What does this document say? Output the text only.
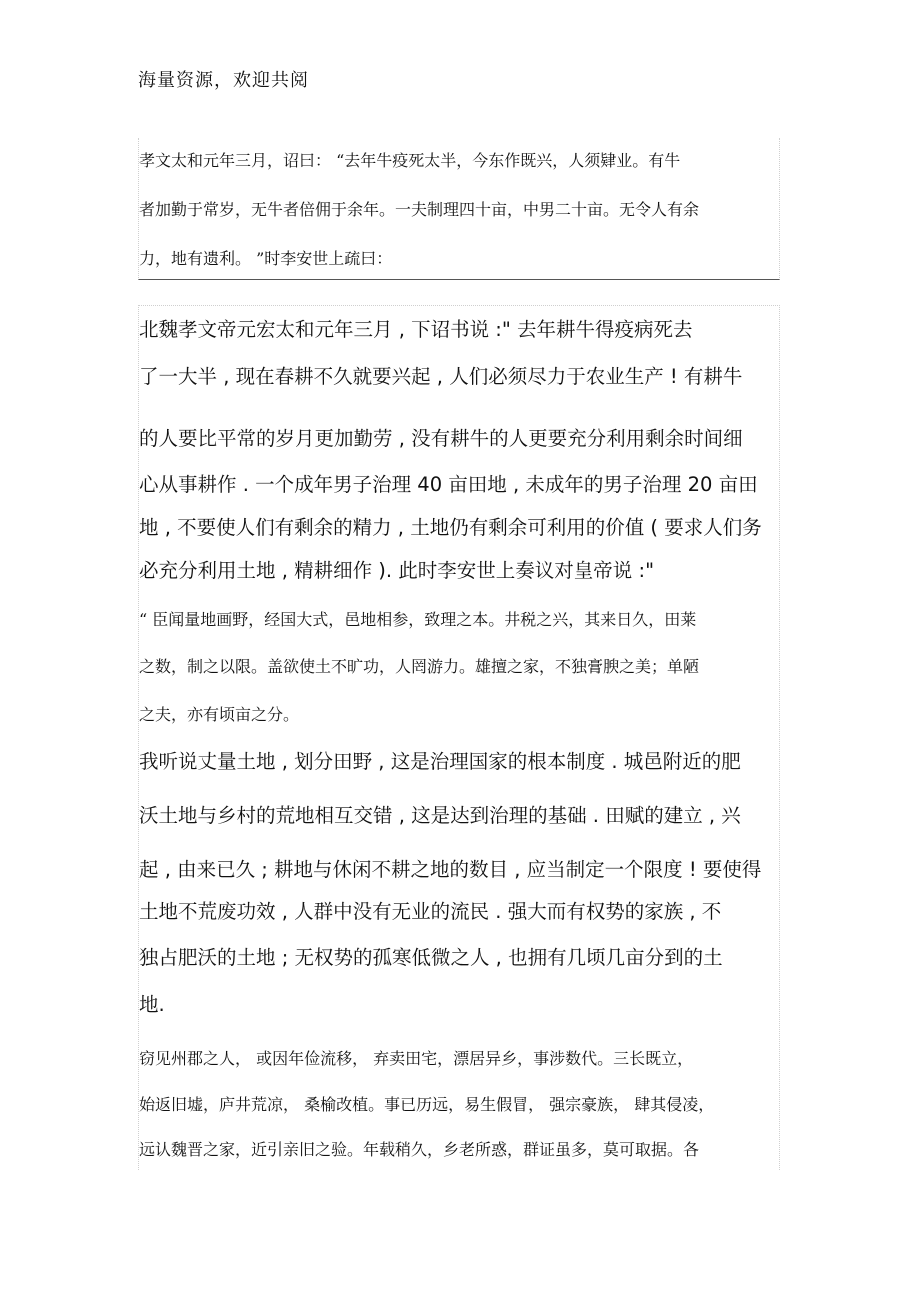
海量资源，欢迎共阅
孝文太和元年三月，诏曰： “去年牛疫死太半，今东作既兴，人须肄业。有牛
者加勤于常岁，无牛者倍佣于余年。一夫制理四十亩，中男二十亩。无令人有余
力，地有遗利。 ”时李安世上疏曰：
北魏孝文帝元宏太和元年三月 , 下诏书说 :" 去年耕牛得疫病死去
了一大半 , 现在春耕不久就要兴起 , 人们必须尽力于农业生产 ! 有耕牛
的人要比平常的岁月更加勤劳 , 没有耕牛的人更要充分利用剩余时间细
心从事耕作 . 一个成年男子治理 40 亩田地 , 未成年的男子治理 20 亩田
地 , 不要使人们有剩余的精力 , 土地仍有剩余可利用的价值 ( 要求人们务
必充分利用土地 , 精耕细作 ). 此时李安世上奏议对皇帝说 :"
“ 臣闻量地画野，经国大式，邑地相参，致理之本。井税之兴，其来日久，田莱
之数，制之以限。盖欲使土不旷功，人罔游力。雄擅之家，不独膏腴之美；单陋
之夫，亦有顷亩之分。
我听说丈量土地 , 划分田野 , 这是治理国家的根本制度 . 城邑附近的肥
沃土地与乡村的荒地相互交错 , 这是达到治理的基础 . 田赋的建立 , 兴
起 , 由来已久 ; 耕地与休闲不耕之地的数目 , 应当制定一个限度 ! 要使得
土地不荒废功效 , 人群中没有无业的流民 . 强大而有权势的家族 , 不
独占肥沃的土地 ; 无权势的孤寒低微之人 , 也拥有几顷几亩分到的土
地.
窃见州郡之人， 或因年俭流移， 弃卖田宅，漂居异乡，事涉数代。三长既立，
始返旧墟，庐井荒凉， 桑榆改植。事已历远，易生假冒， 强宗豪族， 肆其侵凌，
远认魏晋之家，近引亲旧之验。年载稍久，乡老所惑，群证虽多，莫可取据。各
